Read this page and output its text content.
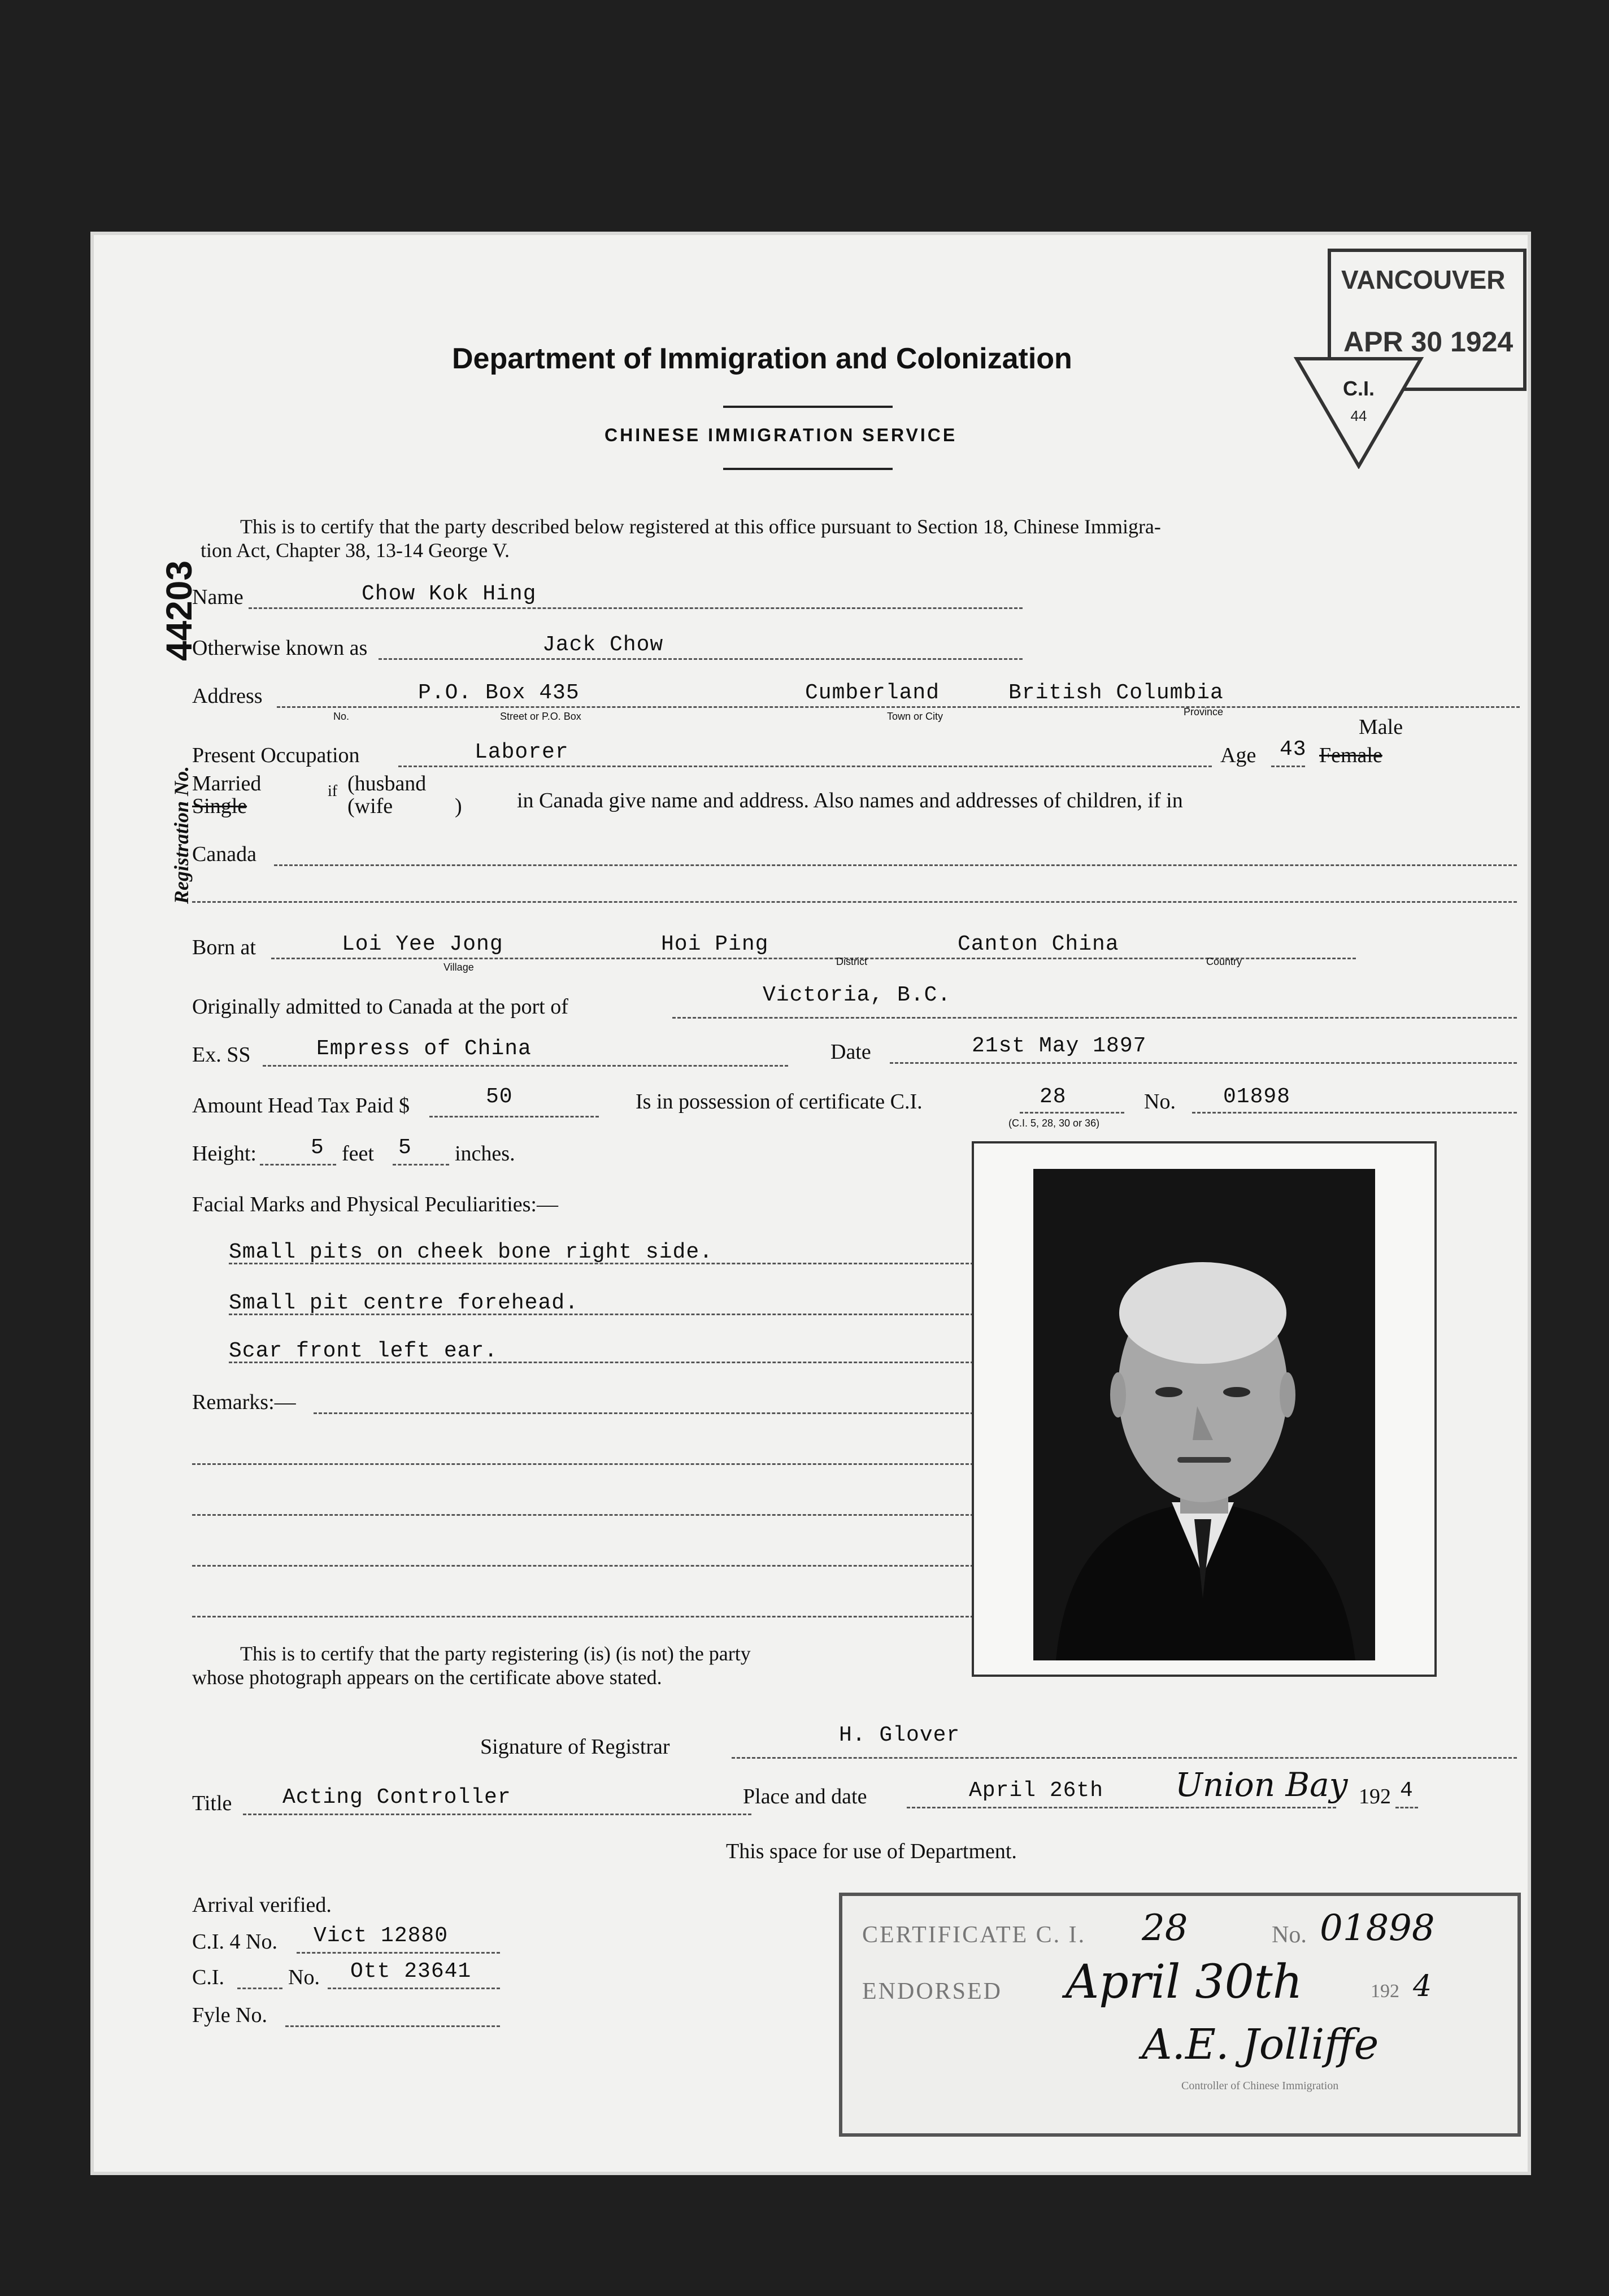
Department of Immigration and Colonization
CHINESE IMMIGRATION SERVICE
VANCOUVER
APR 30 1924
C.I.
44
Registration No.
44203
This is to certify that the party described below registered at this office pursuant to Section 18, Chinese Immigra-
tion Act, Chapter 38, 13-14 George V.
Name	Chow Kok Hing
Otherwise known as	Jack Chow
Address	P.O. Box 435	Cumberland	British Columbia
No.	Street or P.O. Box	Town or City	Province
Present Occupation	Laborer	Age 43
Male
Female
Married
Single
if (husband
(wife	)	in Canada give name and address. Also names and addresses of children, if in
Canada
Born at	Loi Yee Jong	Hoi Ping	Canton China
Village	District	Country
Originally admitted to Canada at the port of	Victoria, B.C.
Ex. SS	Empress of China	Date	21st May 1897
Amount Head Tax Paid $	50	Is in possession of certificate C.I.	28	No. 01898
(C.I. 5, 28, 30 or 36)
Height:	5 feet 5 inches.
Facial Marks and Physical Peculiarities:—
Small pits on cheek bone right side.
Small pit centre forehead.
Scar front left ear.
Remarks:—
This is to certify that the party registering (is) (is not) the party
whose photograph appears on the certificate above stated.
Signature of Registrar	H. Glover
Title Acting Controller	Place and date	April 26th Union Bay 192 4
This space for use of Department.
Arrival verified.
C.I. 4 No. Vict 12880
C.I.	No. Ott 23641
Fyle No.
CERTIFICATE C. I. 28	No. 01898
ENDORSED April 30th	192 4
A.E. Jolliffe
Controller of Chinese Immigration
